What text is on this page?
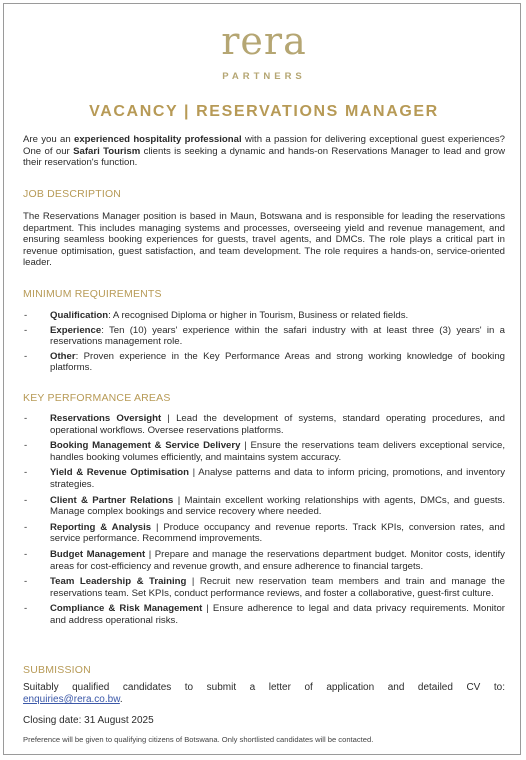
rera
PARTNERS
VACANCY | RESERVATIONS MANAGER

Are you an experienced hospitality professional with a passion for delivering exceptional guest experiences? One of our Safari Tourism clients is seeking a dynamic and hands-on Reservations Manager to lead and grow their reservation's function.

JOB DESCRIPTION

The Reservations Manager position is based in Maun, Botswana and is responsible for leading the reservations department. This includes managing systems and processes, overseeing yield and revenue management, and ensuring seamless booking experiences for guests, travel agents, and DMCs. The role plays a critical part in revenue optimisation, guest satisfaction, and team development. The role requires a hands-on, service-oriented leader.

MINIMUM REQUIREMENTS
- Qualification: A recognised Diploma or higher in Tourism, Business or related fields.
- Experience: Ten (10) years' experience within the safari industry with at least three (3) years' in a reservations management role.
- Other: Proven experience in the Key Performance Areas and strong working knowledge of booking platforms.
KEY PERFORMANCE AREAS
- Reservations Oversight | Lead the development of systems, standard operating procedures, and operational workflows. Oversee reservations platforms.
- Booking Management & Service Delivery | Ensure the reservations team delivers exceptional service, handles booking volumes efficiently, and maintains system accuracy.
- Yield & Revenue Optimisation | Analyse patterns and data to inform pricing, promotions, and inventory strategies.
- Client & Partner Relations | Maintain excellent working relationships with agents, DMCs, and guests. Manage complex bookings and service recovery where needed.
- Reporting & Analysis | Produce occupancy and revenue reports. Track KPIs, conversion rates, and service performance. Recommend improvements.
- Budget Management | Prepare and manage the reservations department budget. Monitor costs, identify areas for cost-efficiency and revenue growth, and ensure adherence to financial targets.
- Team Leadership & Training | Recruit new reservation team members and train and manage the reservations team. Set KPIs, conduct performance reviews, and foster a collaborative, guest-first culture.
- Compliance & Risk Management | Ensure adherence to legal and data privacy requirements. Monitor and address operational risks.
SUBMISSION
Suitably qualified candidates to submit a letter of application and detailed CV to:
enquiries@rera.co.bw.
Closing date: 31 August 2025
Preference will be given to qualifying citizens of Botswana. Only shortlisted candidates will be contacted.
